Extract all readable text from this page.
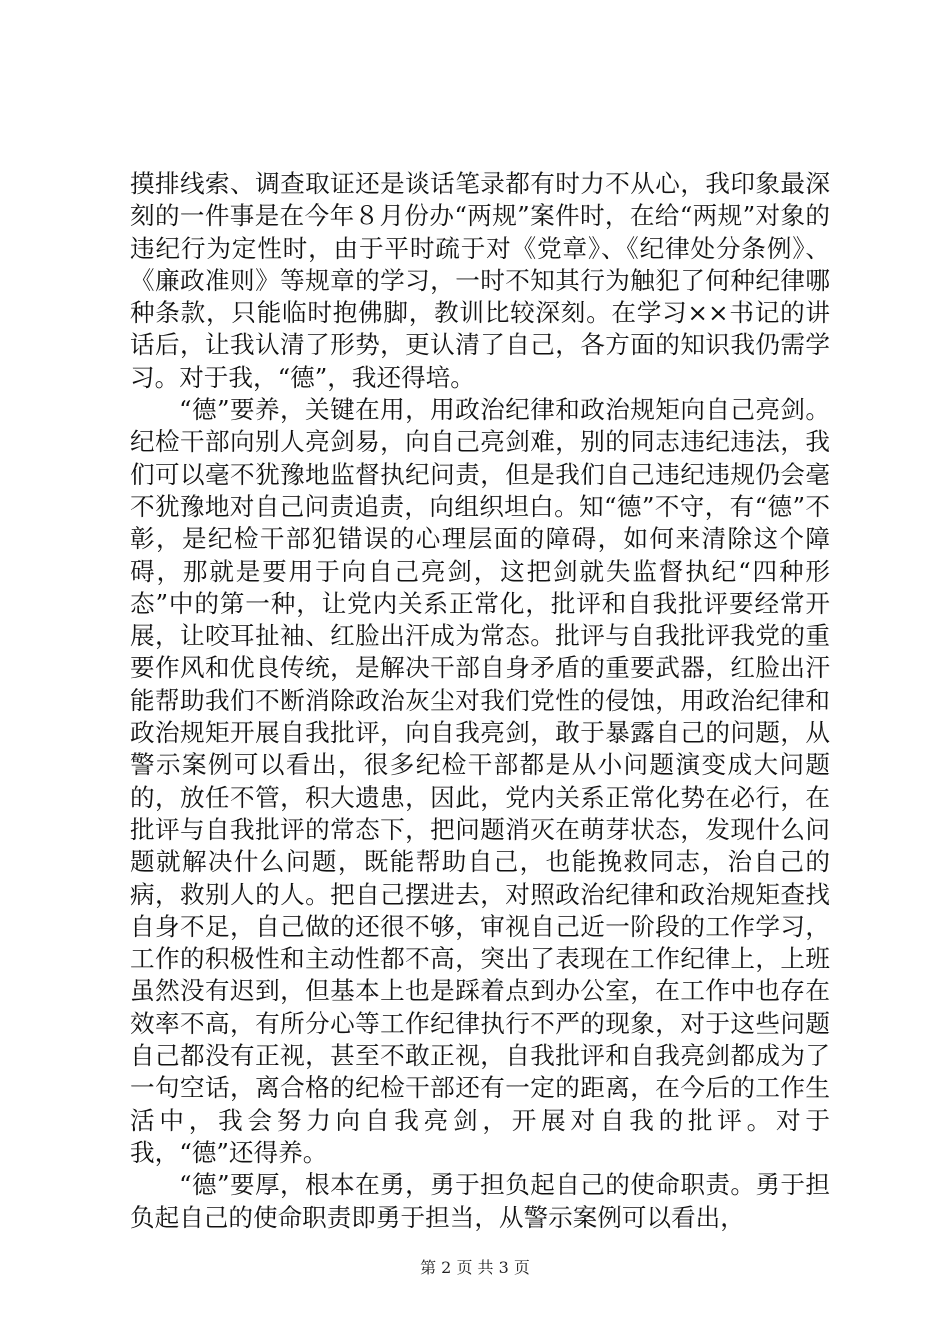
摸排线索、调查取证还是谈话笔录都有时力不从心，我印象最深刻的一件事是在今年８月份办“两规”案件时，在给“两规”对象的违纪行为定性时，由于平时疏于对《党章》、《纪律处分条例》、《廉政准则》等规章的学习，一时不知其行为触犯了何种纪律哪种条款，只能临时抱佛脚，教训比较深刻。在学习××书记的讲话后，让我认清了形势，更认清了自己，各方面的知识我仍需学习。对于我，“德”，我还得培。

“德”要养，关键在用，用政治纪律和政治规矩向自己亮剑。纪检干部向别人亮剑易，向自己亮剑难，别的同志违纪违法，我们可以毫不犹豫地监督执纪问责，但是我们自己违纪违规仍会毫不犹豫地对自己问责追责，向组织坦白。知“德”不守，有“德”不彰，是纪检干部犯错误的心理层面的障碍，如何来清除这个障碍，那就是要用于向自己亮剑，这把剑就失监督执纪“四种形态”中的第一种，让党内关系正常化，批评和自我批评要经常开展，让咬耳扯袖、红脸出汗成为常态。批评与自我批评我党的重要作风和优良传统，是解决干部自身矛盾的重要武器，红脸出汗能帮助我们不断消除政治灰尘对我们党性的侵蚀，用政治纪律和政治规矩开展自我批评，向自我亮剑，敢于暴露自己的问题，从警示案例可以看出，很多纪检干部都是从小问题演变成大问题的，放任不管，积大遗患，因此，党内关系正常化势在必行，在批评与自我批评的常态下，把问题消灭在萌芽状态，发现什么问题就解决什么问题，既能帮助自己，也能挽救同志，治自己的病，救别人的人。把自己摆进去，对照政治纪律和政治规矩查找自身不足，自己做的还很不够，审视自己近一阶段的工作学习，工作的积极性和主动性都不高，突出了表现在工作纪律上，上班虽然没有迟到，但基本上也是踩着点到办公室，在工作中也存在效率不高，有所分心等工作纪律执行不严的现象，对于这些问题自己都没有正视，甚至不敢正视，自我批评和自我亮剑都成为了一句空话，离合格的纪检干部还有一定的距离，在今后的工作生活中，我会努力向自我亮剑，开展对自我的批评。对于我，“德”还得养。

“德”要厚，根本在勇，勇于担负起自己的使命职责。勇于担负起自己的使命职责即勇于担当，从警示案例可以看出，

第 2 页 共 3 页
